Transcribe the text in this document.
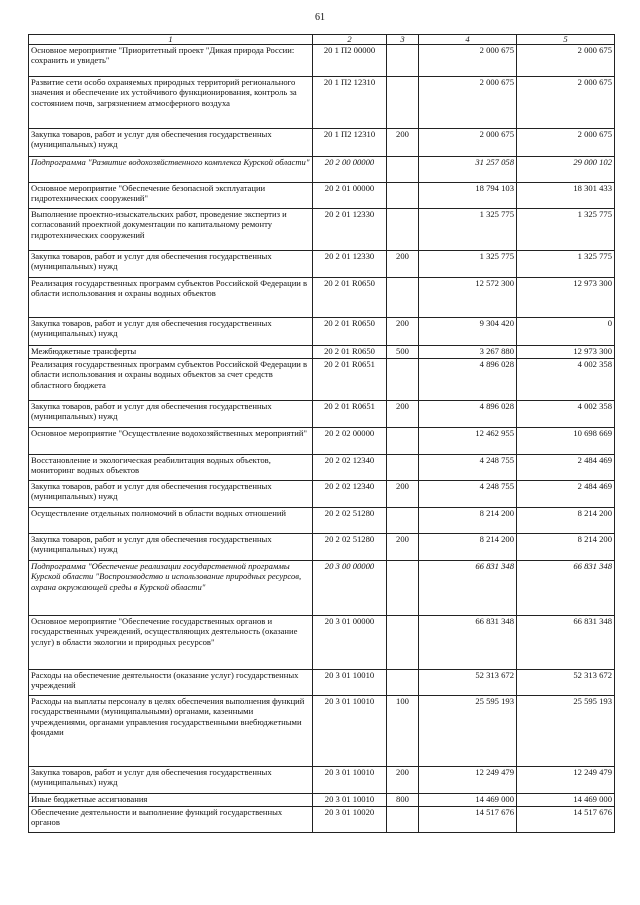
61
1	2	3	4	5
Основное мероприятие "Приоритетный проект "Дикая природа России: сохранить и увидеть"	20 1 П2 00000		2 000 675	2 000 675
Развитие сети особо охраняемых природных территорий регионального значения и обеспечение их устойчивого функционирования, контроль за состоянием почв, загрязнением атмосферного воздуха	20 1 П2 12310		2 000 675	2 000 675
Закупка товаров, работ и услуг для обеспечения государственных (муниципальных) нужд	20 1 П2 12310	200	2 000 675	2 000 675
Подпрограмма "Развитие водохозяйственного комплекса Курской области"	20 2 00 00000		31 257 058	29 000 102
Основное мероприятие "Обеспечение безопасной эксплуатации гидротехнических сооружений"	20 2 01 00000		18 794 103	18 301 433
Выполнение проектно-изыскательских работ, проведение экспертиз и согласований проектной документации по капитальному ремонту гидротехнических сооружений	20 2 01 12330		1 325 775	1 325 775
Закупка товаров, работ и услуг для обеспечения государственных (муниципальных) нужд	20 2 01 12330	200	1 325 775	1 325 775
Реализация государственных программ субъектов Российской Федерации в области использования и охраны водных объектов	20 2 01 R0650		12 572 300	12 973 300
Закупка товаров, работ и услуг для обеспечения государственных (муниципальных) нужд	20 2 01 R0650	200	9 304 420	0
Межбюджетные трансферты	20 2 01 R0650	500	3 267 880	12 973 300
Реализация государственных программ субъектов Российской Федерации в области использования и охраны водных объектов за счет средств областного бюджета	20 2 01 R0651		4 896 028	4 002 358
Закупка товаров, работ и услуг для обеспечения государственных (муниципальных) нужд	20 2 01 R0651	200	4 896 028	4 002 358
Основное мероприятие "Осуществление водохозяйственных мероприятий"	20 2 02 00000		12 462 955	10 698 669
Восстановление и экологическая реабилитация водных объектов, мониторинг водных объектов	20 2 02 12340		4 248 755	2 484 469
Закупка товаров, работ и услуг для обеспечения государственных (муниципальных) нужд	20 2 02 12340	200	4 248 755	2 484 469
Осуществление отдельных полномочий в области водных отношений	20 2 02 51280		8 214 200	8 214 200
Закупка товаров, работ и услуг для обеспечения государственных (муниципальных) нужд	20 2 02 51280	200	8 214 200	8 214 200
Подпрограмма "Обеспечение реализации государственной программы Курской области "Воспроизводство и использование природных ресурсов, охрана окружающей среды в Курской области"	20 3 00 00000		66 831 348	66 831 348
Основное мероприятие "Обеспечение государственных органов и государственных учреждений, осуществляющих деятельность (оказание услуг) в области экологии и природных ресурсов"	20 3 01 00000		66 831 348	66 831 348
Расходы на обеспечение деятельности (оказание услуг) государственных учреждений	20 3 01 10010		52 313 672	52 313 672
Расходы на выплаты персоналу в целях обеспечения выполнения функций государственными (муниципальными) органами, казенными учреждениями, органами управления государственными внебюджетными фондами	20 3 01 10010	100	25 595 193	25 595 193
Закупка товаров, работ и услуг для обеспечения государственных (муниципальных) нужд	20 3 01 10010	200	12 249 479	12 249 479
Иные бюджетные ассигнования	20 3 01 10010	800	14 469 000	14 469 000
Обеспечение деятельности и выполнение функций государственных органов	20 3 01 10020		14 517 676	14 517 676
